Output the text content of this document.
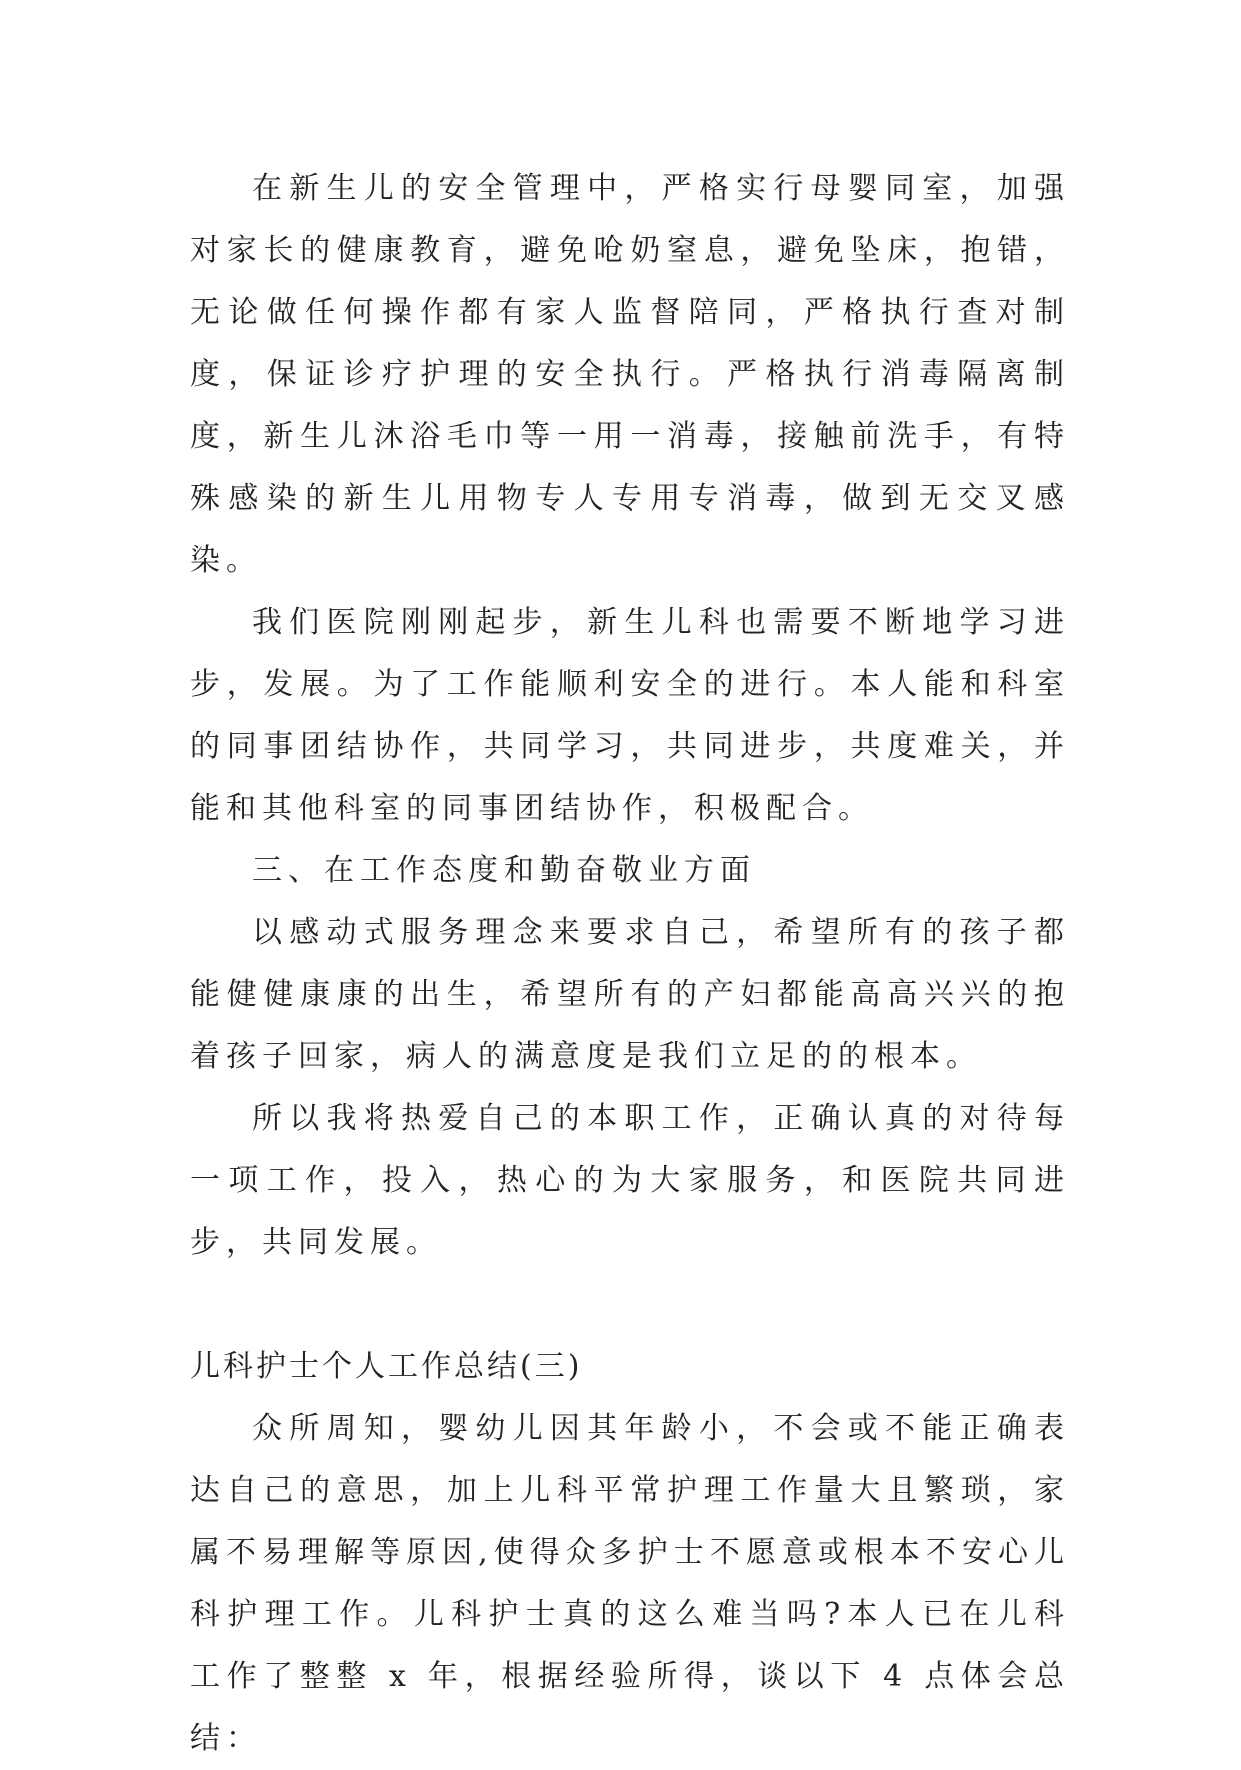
在新生儿的安全管理中，严格实行母婴同室，加强对家长的健康教育，避免呛奶窒息，避免坠床，抱错，无论做任何操作都有家人监督陪同，严格执行查对制度，保证诊疗护理的安全执行。严格执行消毒隔离制度，新生儿沐浴毛巾等一用一消毒，接触前洗手，有特殊感染的新生儿用物专人专用专消毒，做到无交叉感染。

我们医院刚刚起步，新生儿科也需要不断地学习进步，发展。为了工作能顺利安全的进行。本人能和科室的同事团结协作，共同学习，共同进步，共度难关，并能和其他科室的同事团结协作，积极配合。

三、在工作态度和勤奋敬业方面

以感动式服务理念来要求自己，希望所有的孩子都能健健康康的出生，希望所有的产妇都能高高兴兴的抱着孩子回家，病人的满意度是我们立足的的根本。

所以我将热爱自己的本职工作，正确认真的对待每一项工作，投入，热心的为大家服务，和医院共同进步，共同发展。

儿科护士个人工作总结(三)

众所周知，婴幼儿因其年龄小，不会或不能正确表达自己的意思，加上儿科平常护理工作量大且繁琐，家属不易理解等原因,使得众多护士不愿意或根本不安心儿科护理工作。儿科护士真的这么难当吗?本人已在儿科工作了整整 x 年，根据经验所得，谈以下 4 点体会总结：
